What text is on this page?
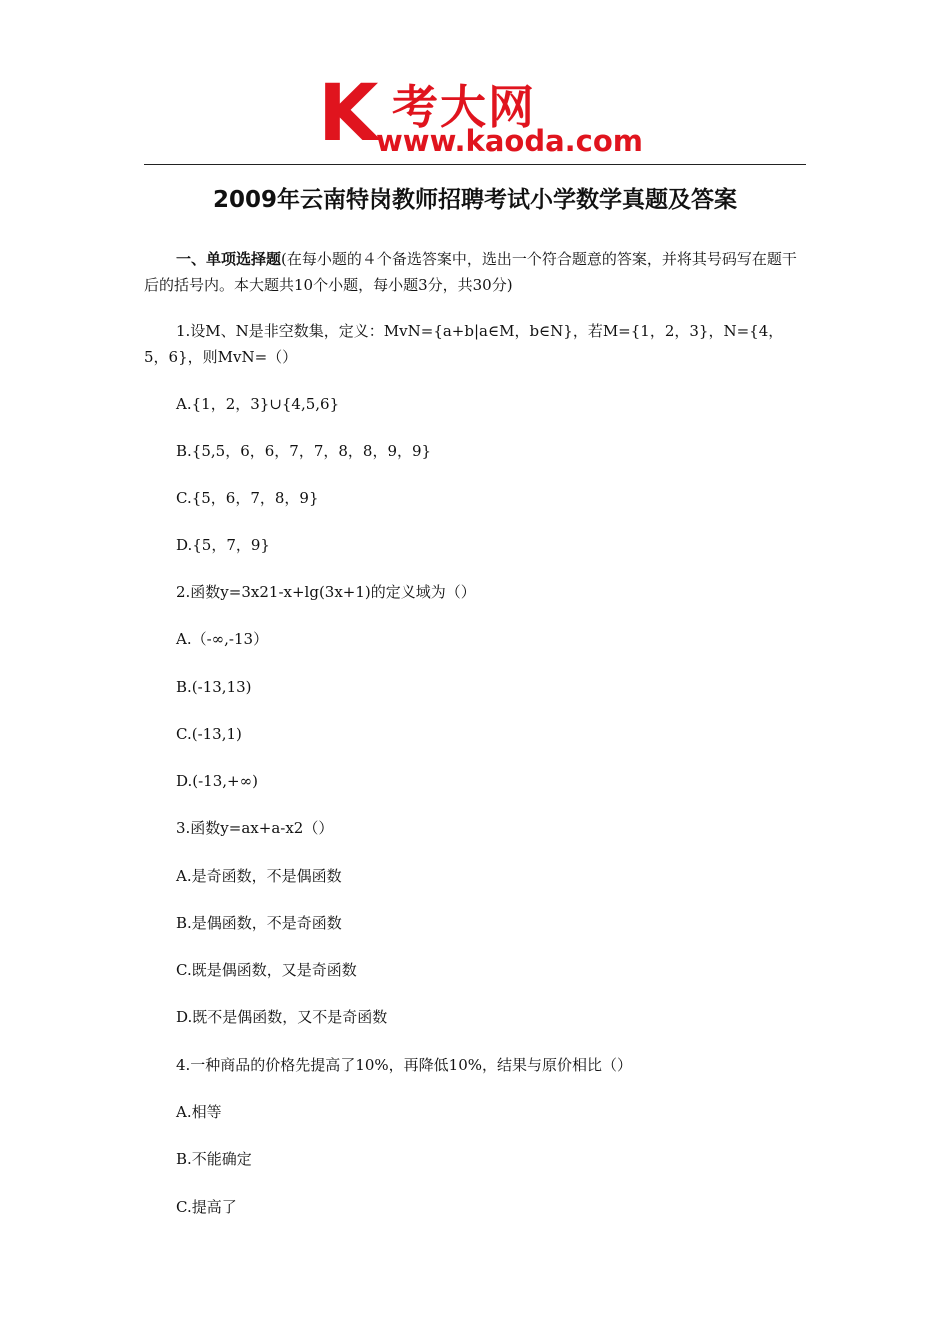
K 考大网
www.kaoda.com
2009年云南特岗教师招聘考试小学数学真题及答案

一、单项选择题(在每小题的４个备选答案中，选出一个符合题意的答案，并将其号码写在题干后的括号内。本大题共10个小题，每小题3分，共30分)

1.设M、N是非空数集，定义：MvN={a+b|a∈M，b∈N}，若M={1，2，3}，N={4，5，6}，则MvN=（）

A.{1，2，3}∪{4,5,6}

B.{5,5，6，6，7，7，8，8，9，9}

C.{5，6，7，8，9}

D.{5，7，9}

2.函数y=3x21-x+lg(3x+1)的定义域为（）

A.（-∞,-13）

B.(-13,13)

C.(-13,1)

D.(-13,+∞)

3.函数y=ax+a-x2（）

A.是奇函数，不是偶函数

B.是偶函数，不是奇函数

C.既是偶函数，又是奇函数

D.既不是偶函数，又不是奇函数

4.一种商品的价格先提高了10%，再降低10%，结果与原价相比（）

A.相等

B.不能确定

C.提高了
